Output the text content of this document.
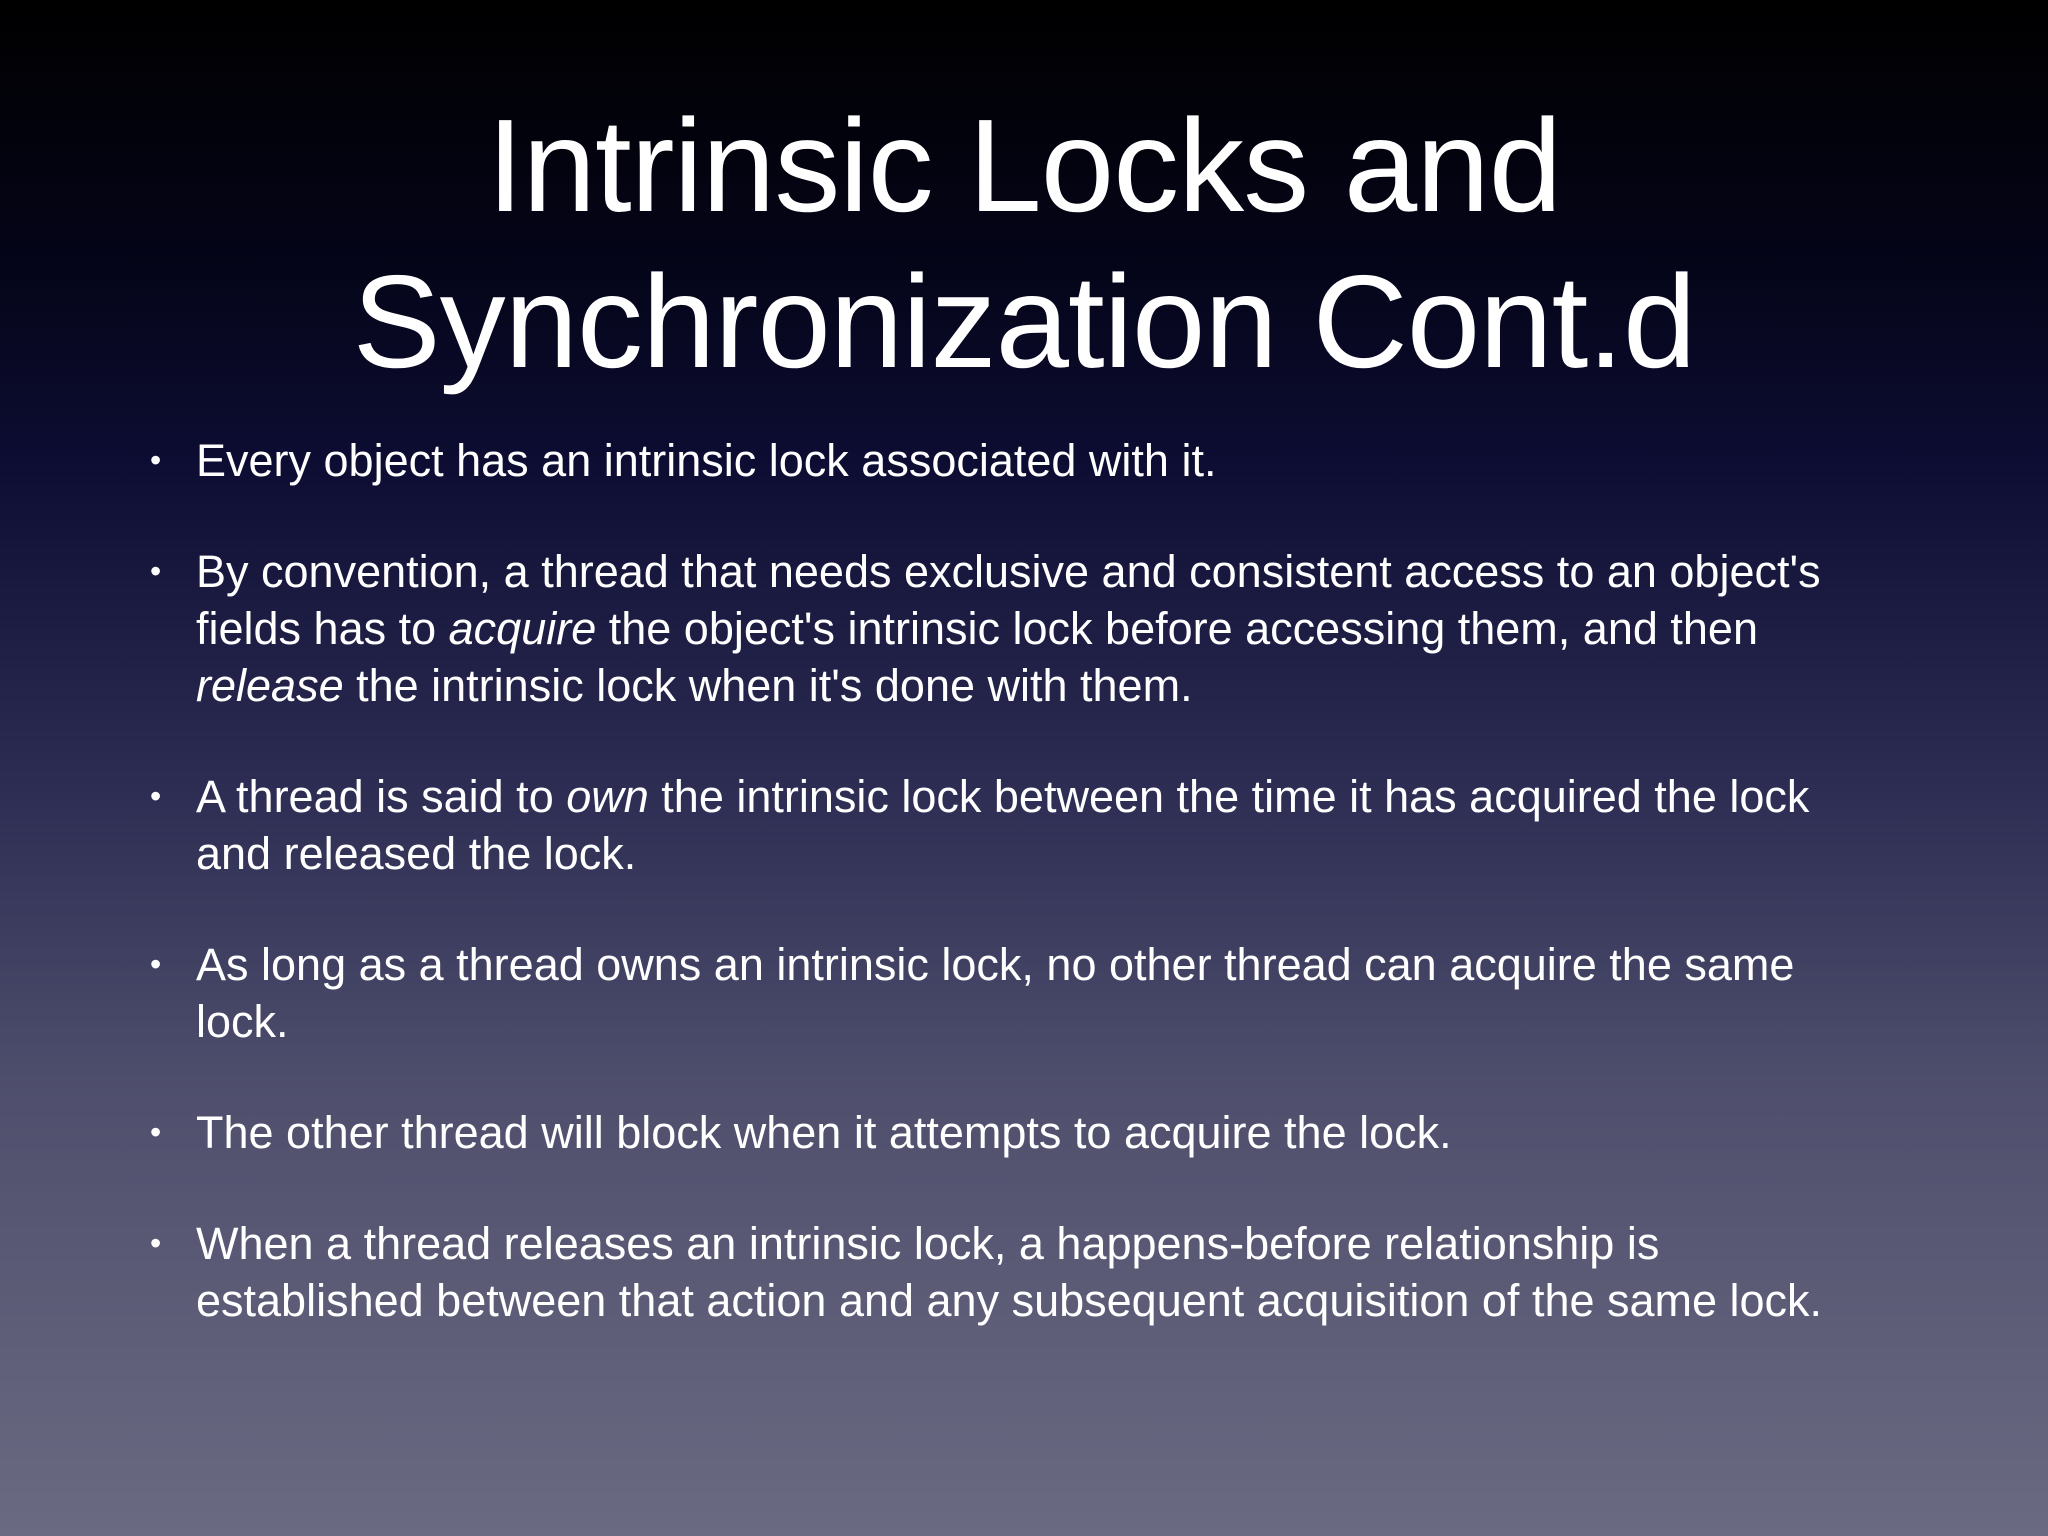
Intrinsic Locks and
Synchronization Cont.d
• Every object has an intrinsic lock associated with it.
• By convention, a thread that needs exclusive and consistent access to an object's fields has to acquire the object's intrinsic lock before accessing them, and then release the intrinsic lock when it's done with them.
• A thread is said to own the intrinsic lock between the time it has acquired the lock and released the lock.
• As long as a thread owns an intrinsic lock, no other thread can acquire the same lock.
• The other thread will block when it attempts to acquire the lock.
• When a thread releases an intrinsic lock, a happens-before relationship is established between that action and any subsequent acquisition of the same lock.
